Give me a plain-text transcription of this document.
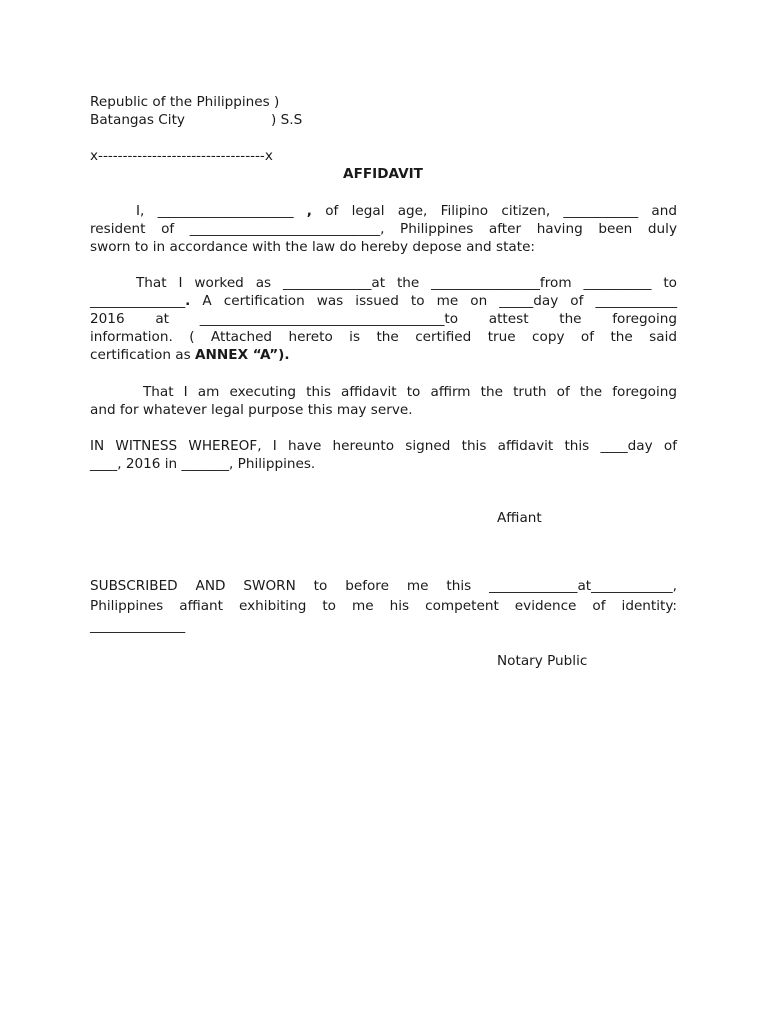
Republic of the Philippines )
Batangas City	) S.S
x----------------------------------x
AFFIDAVIT
I, ____________________ , of legal age, Filipino citizen, ___________ and
resident of ____________________________, Philippines after having been duly
sworn to in accordance with the law do hereby depose and state:
That I worked as _____________at the ________________from __________ to
______________. A certification was issued to me on _____day of ____________
2016 at ____________________________________to attest the foregoing
information. ( Attached hereto is the certified true copy of the said
certification as ANNEX “A”).
That I am executing this affidavit to affirm the truth of the foregoing
and for whatever legal purpose this may serve.
IN WITNESS WHEREOF, I have hereunto signed this affidavit this ____day of
____, 2016 in _______, Philippines.
Affiant
SUBSCRIBED AND SWORN to before me this _____________at____________,
Philippines affiant exhibiting to me his competent evidence of identity:
______________
Notary Public
